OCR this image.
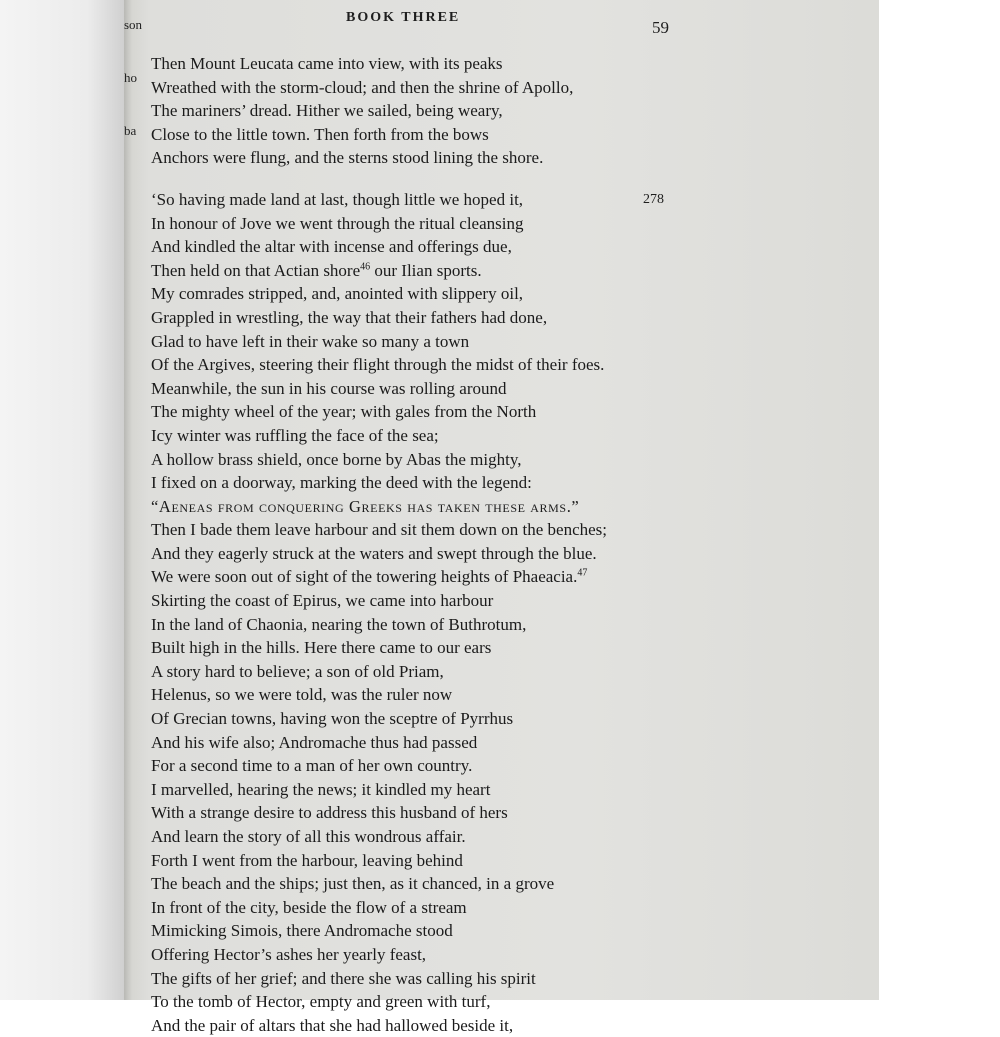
son
ho
ba

BOOK THREE
59
Then Mount Leucata came into view, with its peaks
Wreathed with the storm-cloud; and then the shrine of Apollo,
The mariners’ dread. Hither we sailed, being weary,
Close to the little town. Then forth from the bows
Anchors were flung, and the sterns stood lining the shore.
‘So having made land at last, though little we hoped it,	278
In honour of Jove we went through the ritual cleansing
And kindled the altar with incense and offerings due,
Then held on that Actian shore$^{46}$ our Ilian sports.
My comrades stripped, and, anointed with slippery oil,
Grappled in wrestling, the way that their fathers had done,
Glad to have left in their wake so many a town
Of the Argives, steering their flight through the midst of their foes.
Meanwhile, the sun in his course was rolling around
The mighty wheel of the year; with gales from the North
Icy winter was ruffling the face of the sea;
A hollow brass shield, once borne by Abas the mighty,
I fixed on a doorway, marking the deed with the legend:
“Aeneas from conquering Greeks has taken these arms.”
Then I bade them leave harbour and sit them down on the benches;
And they eagerly struck at the waters and swept through the blue.
We were soon out of sight of the towering heights of Phaeacia.$^{47}$
Skirting the coast of Epirus, we came into harbour
In the land of Chaonia, nearing the town of Buthrotum,
Built high in the hills. Here there came to our ears
A story hard to believe; a son of old Priam,
Helenus, so we were told, was the ruler now
Of Grecian towns, having won the sceptre of Pyrrhus
And his wife also; Andromache thus had passed
For a second time to a man of her own country.
I marvelled, hearing the news; it kindled my heart
With a strange desire to address this husband of hers
And learn the story of all this wondrous affair.
Forth I went from the harbour, leaving behind
The beach and the ships; just then, as it chanced, in a grove
In front of the city, beside the flow of a stream
Mimicking Simois, there Andromache stood
Offering Hector’s ashes her yearly feast,
The gifts of her grief; and there she was calling his spirit
To the tomb of Hector, empty and green with turf,
And the pair of altars that she had hallowed beside it,
